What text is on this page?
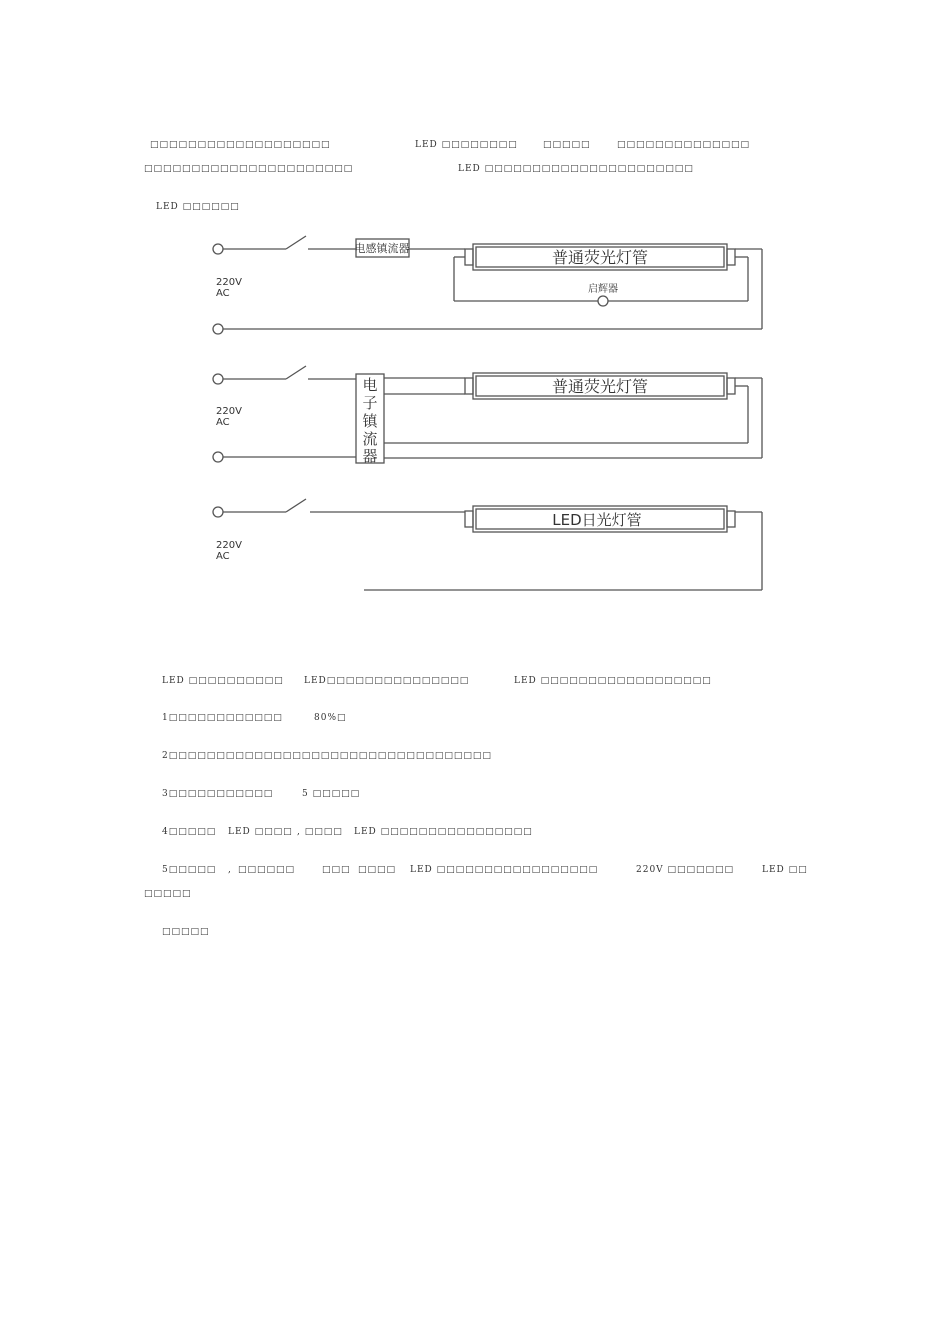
□□□□□□□□□□□□□□□□□□□	LED □□□□□□□□	□□□□□	□□□□□□□□□□□□□□
□□□□□□□□□□□□□□□□□□□□□□	LED □□□□□□□□□□□□□□□□□□□□□□
LED □□□□□□
电感镇流器	普通荧光灯管
启辉器
220V
AC
电
子
镇
流
器
普通荧光灯管
220V
AC
LED日光灯管
220V
AC
LED □□□□□□□□□□ LED□□□□□□□□□□□□□□□	LED □□□□□□□□□□□□□□□□□□
1□□□□□□□□□□□□	80%□
2□□□□□□□□□□□□□□□□□□□□□□□□□□□□□□□□□□
3□□□□□□□□□□□	5 □□□□□
4□□□□□ LED □□□□ , □□□□ LED □□□□□□□□□□□□□□□□
5□□□□□ , □□□□□□	□□□ □□□□ LED □□□□□□□□□□□□□□□□□	220V □□□□□□□	LED □□
□□□□□
□□□□□
